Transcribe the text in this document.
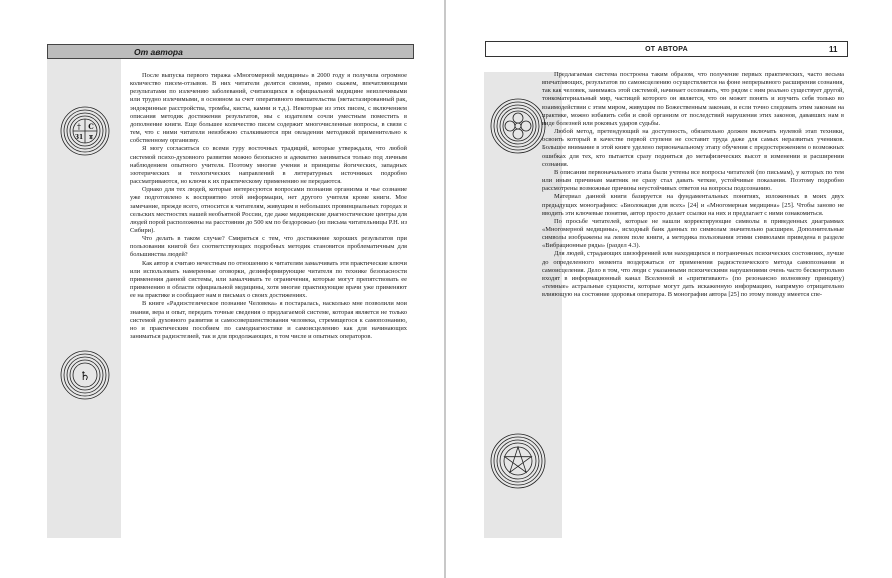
От автора
† С
31 ड
♄

После выпуска первого тиража «Многомерной медицины» в 2000 году я получила огромное количество писем-отзывов. В них читатели делятся своими, прямо скажем, впечатляющими результатами по излечению заболеваний, считающихся в официальной медицине неизлечимыми или трудно излечимыми, в основном за счет оперативного вмешательства (метастазированный рак, эндокринные расстройства, тромбы, кисты, камни и т.д.). Некоторые из этих писем, с включением описания методик достижения результатов, мы с издателем сочли уместным поместить в дополнение книги. Еще большее количество писем содержит многочисленные вопросы, в связи с тем, что с ними читатели неизбежно сталкиваются при овладении методикой применительно к собственному организму.

Я могу согласиться со всеми гуру восточных традиций, которые утверждали, что любой системой психо-духовного развития можно безопасно и адекватно заниматься только под личным наблюдением опытного учителя. Поэтому многие учения и принципы йогических, западных эзотерических и теологических направлений в литературных источниках подробно рассматриваются, но ключи к их практическому применению не передаются.

Однако для тех людей, которые интересуются вопросами познания организма и чье сознание уже подготовлено к восприятию этой информации, нет другого учителя кроме книги. Мое замечание, прежде всего, относится к читателям, живущим в небольших провинциальных городах и сельских местностях нашей необъятной России, где даже медицинские диагностические центры для людей порой расположены на расстоянии до 500 км по бездорожью (из письма читательницы Р.Н. из Сибири).

Что делать в таком случае? Смириться с тем, что достижение хороших результатов при пользовании книгой без соответствующих подробных методик становится проблематичным для большинства людей?

Как автор я считаю нечестным по отношению к читателям замалчивать эти практические ключи или использовать намеренные оговорки, дезинформирующие читателя по технике безопасности применения данной системы, или замалчивать те ограничения, которые могут препятствовать ее применению в области официальной медицины, хотя многие практикующие врачи уже применяют ее на практике и сообщают нам в письмах о своих достижениях.

В книге «Радиэстезическое познание Человека» я постаралась, насколько мне позволили мои знания, вера и опыт, передать точные сведения о предлагаемой системе, которая является не только системой духовного развития и самосовершенствования человека, стремящегося к самопознанию, но и практическим пособием по самодиагностике и самоисцелению как для начинающих заниматься радиэстезией, так и для продолжающих, в том числе и опытных операторов.

ОТ АВТОРА	11

Предлагаемая система построена таким образом, что получение первых практических, часто весьма впечатляющих, результатов по самоисцелению осуществляется на фоне непрерывного расширения сознания, так как человек, занимаясь этой системой, начинает осознавать, что рядом с ним реально существует другой, тонкоматериальный мир, частицей которого он является, что он может понять и изучить себя только во взаимодействии с этим миром, живущим по Божественным законам, и если точно следовать этим законам на практике, можно избавить себя и свой организм от последствий нарушения этих законов, дававших нам в виде болезней или роковых ударов судьбы.

Любой метод, претендующий на доступность, обязательно должен включать нулевой этап техники, освоить который в качестве первой ступени не составит труда даже для самых неразвитых учеников. Большое внимание в этой книге уделено первоначальному этапу обучения с предостережением о возможных ошибках для тех, кто пытается сразу подняться до метафизических высот в изменении и расширении сознания.

В описании первоначального этапа были учтены все вопросы читателей (по письмам), у которых по тем или иным причинам маятник не сразу стал давать четкие, устойчивые показания. Поэтому подробно рассмотрены возможные причины неустойчивых ответов на вопросы подсознанию.

Материал данной книги базируется на фундаментальных понятиях, изложенных в моих двух предыдущих монографиях: «Биолокация для всех» [24] и «Многомерная медицина» [25]. Чтобы заново не вводить эти ключевые понятия, автор просто делает ссылки на них и предлагает с ними ознакомиться.

По просьбе читателей, которые не нашли корректирующие символы в приведенных диаграммах «Многомерной медицины», исходный банк данных по символам значительно расширен. Дополнительные символы изображены на левом поле книги, а методика пользования этими символами приведена в разделе «Вибрационные ряды» (раздел 4.3).

Для людей, страдающих шизофренией или находящихся в пограничных психических состояниях, лучше до определенного момента воздержаться от применения радиэстезического метода самопознания и самоисцеления. Дело в том, что люди с указанными психическими нарушениями очень часто бесконтрольно входят в информационный канал Вселенной и «притягивают» (по резонансно волновому принципу) «темные» астральные сущности, которые могут дать искаженную информацию, напрямую отрицательно влияющую на состояние здоровья оператора. В монографии автора [25] по этому поводу имеется спе-
